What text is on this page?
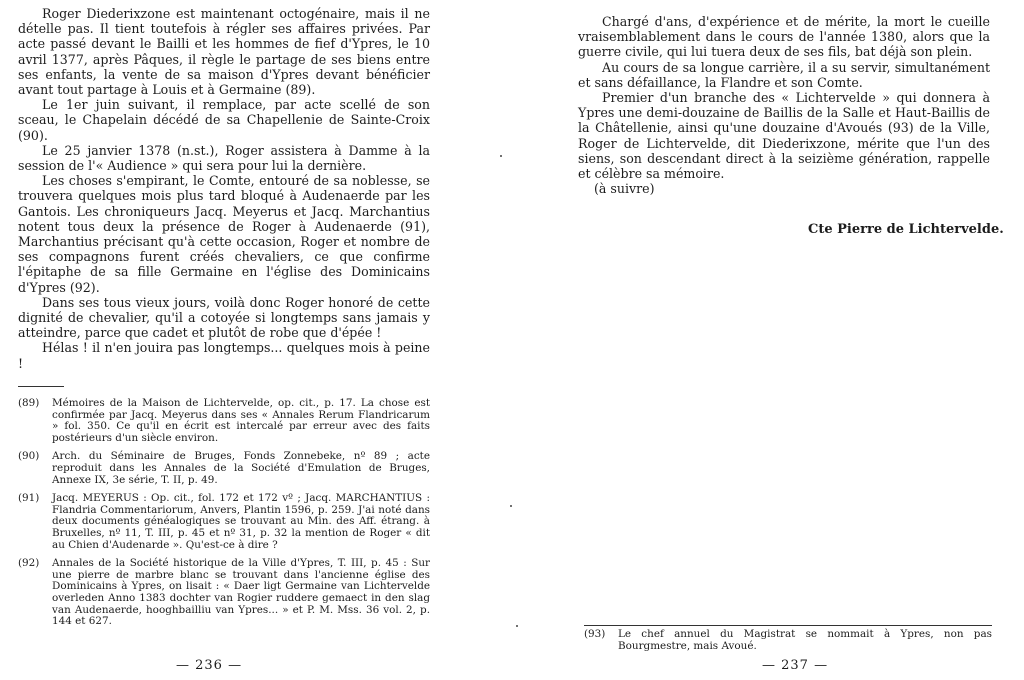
Roger Diederixzone est maintenant octogénaire, mais il ne dételle pas. Il tient toutefois à régler ses affaires privées. Par acte passé devant le Bailli et les hommes de fief d'Ypres, le 10 avril 1377, après Pâques, il règle le partage de ses biens entre ses enfants, la vente de sa maison d'Ypres devant bénéficier avant tout partage à Louis et à Germaine (89).

Le 1er juin suivant, il remplace, par acte scellé de son sceau, le Chapelain décédé de sa Chapellenie de Sainte-Croix (90).

Le 25 janvier 1378 (n.st.), Roger assistera à Damme à la session de l'« Audience » qui sera pour lui la dernière.

Les choses s'empirant, le Comte, entouré de sa noblesse, se trouvera quelques mois plus tard bloqué à Audenaerde par les Gantois. Les chroniqueurs Jacq. Meyerus et Jacq. Marchantius notent tous deux la présence de Roger à Audenaerde (91), Marchantius précisant qu'à cette occasion, Roger et nombre de ses compagnons furent créés chevaliers, ce que confirme l'épitaphe de sa fille Germaine en l'église des Dominicains d'Ypres (92).

Dans ses tous vieux jours, voilà donc Roger honoré de cette dignité de chevalier, qu'il a cotoyée si longtemps sans jamais y atteindre, parce que cadet et plutôt de robe que d'épée !

Hélas ! il n'en jouira pas longtemps... quelques mois à peine !

(89)	Mémoires de la Maison de Lichtervelde, op. cit., p. 17. La chose est confirmée par Jacq. Meyerus dans ses « Annales Rerum Flandricarum » fol. 350. Ce qu'il en écrit est intercalé par erreur avec des faits postérieurs d'un siècle environ.
(90)	Arch. du Séminaire de Bruges, Fonds Zonnebeke, nº 89 ; acte reproduit dans les Annales de la Société d'Emulation de Bruges, Annexe IX, 3e série, T. II, p. 49.
(91)	Jacq. MEYERUS : Op. cit., fol. 172 et 172 vº ; Jacq. MARCHANTIUS : Flandria Commentariorum, Anvers, Plantin 1596, p. 259. J'ai noté dans deux documents généalogiques se trouvant au Min. des Aff. étrang. à Bruxelles, nº 11, T. III, p. 45 et nº 31, p. 32 la mention de Roger « dit au Chien d'Audenarde ». Qu'est-ce à dire ?
(92)	Annales de la Société historique de la Ville d'Ypres, T. III, p. 45 : Sur une pierre de marbre blanc se trouvant dans l'ancienne église des Dominicains à Ypres, on lisait : « Daer ligt Germaine van Lichtervelde overleden Anno 1383 dochter van Rogier ruddere gemaect in den slag van Audenaerde, hooghbailliu van Ypres... » et P. M. Mss. 36 vol. 2, p. 144 et 627.
— 236 —

Chargé d'ans, d'expérience et de mérite, la mort le cueille vraisemblablement dans le cours de l'année 1380, alors que la guerre civile, qui lui tuera deux de ses fils, bat déjà son plein.

Au cours de sa longue carrière, il a su servir, simultanément et sans défaillance, la Flandre et son Comte.

Premier d'un branche des « Lichtervelde » qui donnera à Ypres une demi-douzaine de Baillis de la Salle et Haut-Baillis de la Châtellenie, ainsi qu'une douzaine d'Avoués (93) de la Ville, Roger de Lichtervelde, dit Diederixzone, mérite que l'un des siens, son descendant direct à la seizième génération, rappelle et célèbre sa mémoire.

(à suivre)

Cte Pierre de Lichtervelde.
(93)	Le chef annuel du Magistrat se nommait à Ypres, non pas Bourgmestre, mais Avoué.
— 237 —
